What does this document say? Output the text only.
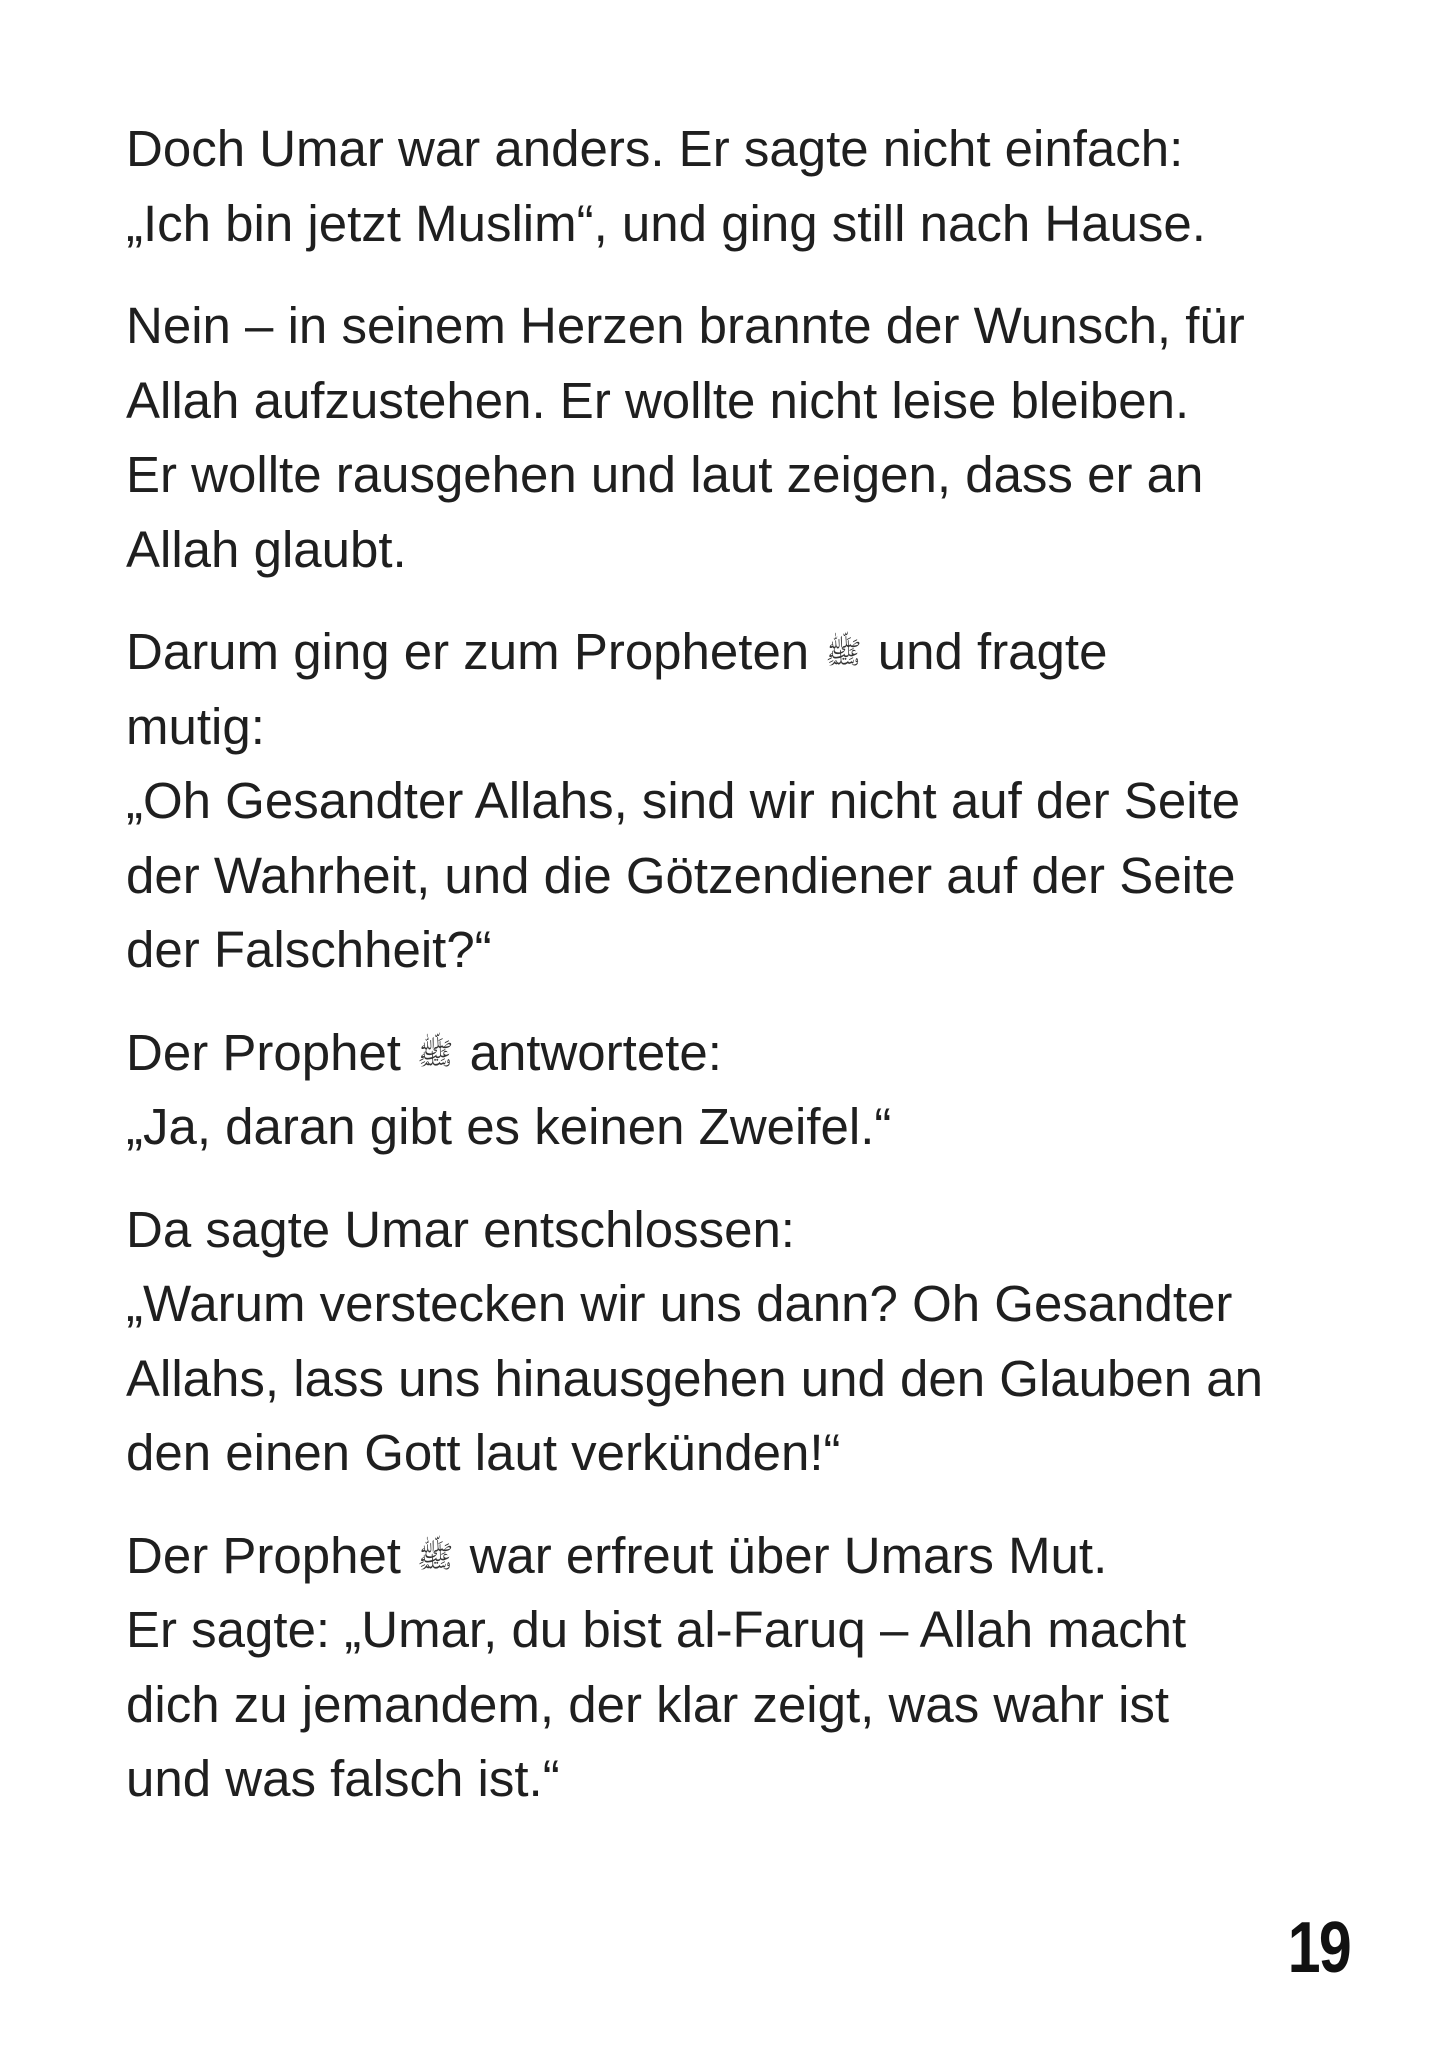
Doch Umar war anders. Er sagte nicht einfach:
„Ich bin jetzt Muslim“, und ging still nach Hause.

Nein – in seinem Herzen brannte der Wunsch, für
Allah aufzustehen. Er wollte nicht leise bleiben.
Er wollte rausgehen und laut zeigen, dass er an
Allah glaubt.

Darum ging er zum Propheten ﷺ und fragte
mutig:
„Oh Gesandter Allahs, sind wir nicht auf der Seite
der Wahrheit, und die Götzendiener auf der Seite
der Falschheit?“

Der Prophet ﷺ antwortete:
„Ja, daran gibt es keinen Zweifel.“

Da sagte Umar entschlossen:
„Warum verstecken wir uns dann? Oh Gesandter
Allahs, lass uns hinausgehen und den Glauben an
den einen Gott laut verkünden!“

Der Prophet ﷺ war erfreut über Umars Mut.
Er sagte: „Umar, du bist al-Faruq – Allah macht
dich zu jemandem, der klar zeigt, was wahr ist
und was falsch ist.“

19
